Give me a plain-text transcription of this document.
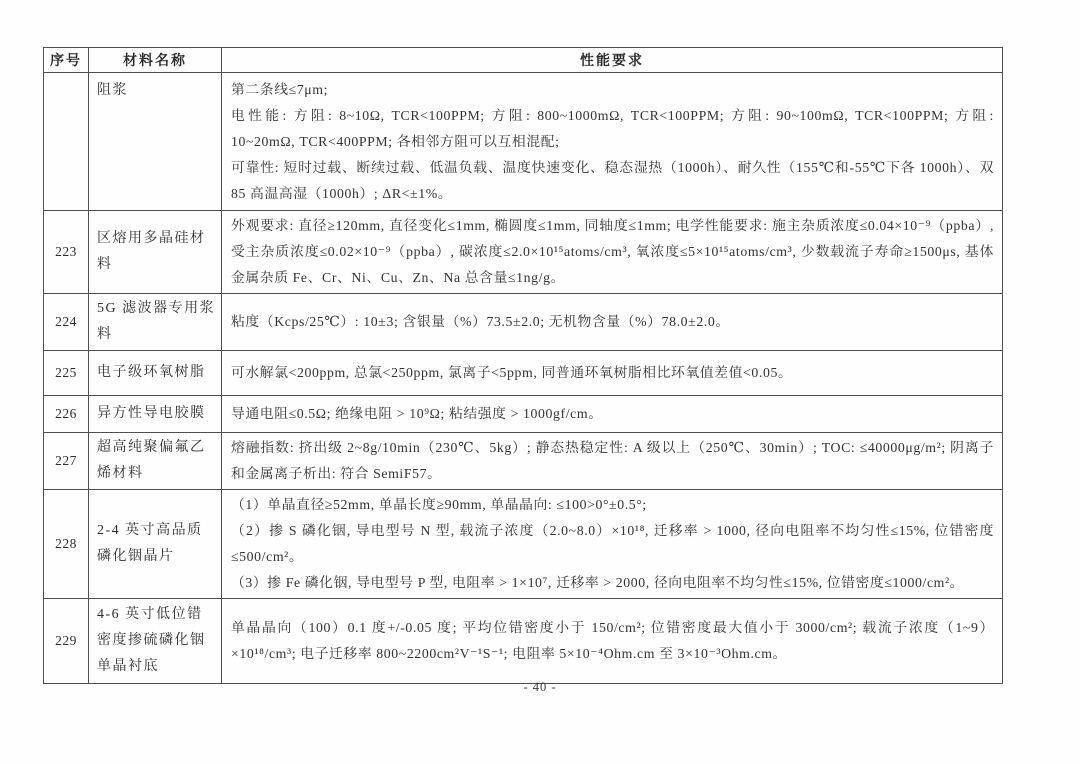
序号	材料名称	性能要求
	阻浆	第二条线≤7μm;

电性能: 方阻: 8~10Ω, TCR<100PPM; 方阻: 800~1000mΩ, TCR<100PPM; 方阻: 90~100mΩ, TCR<100PPM; 方阻: 10~20mΩ, TCR<400PPM; 各相邻方阻可以互相混配;

可靠性: 短时过载、断续过载、低温负载、温度快速变化、稳态湿热（1000h）、耐久性（155℃和-55℃下各 1000h）、双 85 高温高湿（1000h）; ΔR<±1%。

223	区熔用多晶硅材料	外观要求: 直径≥120mm, 直径变化≤1mm, 椭圆度≤1mm, 同轴度≤1mm; 电学性能要求: 施主杂质浓度≤0.04×10⁻⁹（ppba）, 受主杂质浓度≤0.02×10⁻⁹（ppba）, 碳浓度≤2.0×10¹⁵atoms/cm³, 氧浓度≤5×10¹⁵atoms/cm³, 少数载流子寿命≥1500μs, 基体金属杂质 Fe、Cr、Ni、Cu、Zn、Na 总含量≤1ng/g。

224	5G 滤波器专用浆料	粘度（Kcps/25℃）: 10±3; 含银量（%）73.5±2.0; 无机物含量（%）78.0±2.0。

225	电子级环氧树脂	可水解氯<200ppm, 总氯<250ppm, 氯离子<5ppm, 同普通环氧树脂相比环氧值差值<0.05。

226	异方性导电胶膜	导通电阻≤0.5Ω; 绝缘电阻 > 10⁹Ω; 粘结强度 > 1000gf/cm。

227	超高纯聚偏氟乙烯材料	熔融指数: 挤出级 2~8g/10min（230℃、5kg）; 静态热稳定性: A 级以上（250℃、30min）; TOC: ≤40000μg/m²; 阴离子和金属离子析出: 符合 SemiF57。

228	2-4 英寸高品质磷化铟晶片	（1）单晶直径≥52mm, 单晶长度≥90mm, 单晶晶向: ≤100>0°±0.5°;

（2）掺 S 磷化铟, 导电型号 N 型, 载流子浓度（2.0~8.0）×10¹⁸, 迁移率 > 1000, 径向电阻率不均匀性≤15%, 位错密度≤500/cm²。

（3）掺 Fe 磷化铟, 导电型号 P 型, 电阻率 > 1×10⁷, 迁移率 > 2000, 径向电阻率不均匀性≤15%, 位错密度≤1000/cm²。

229	4-6 英寸低位错密度掺硫磷化铟单晶衬底	单晶晶向（100）0.1 度+/-0.05 度; 平均位错密度小于 150/cm²; 位错密度最大值小于 3000/cm²; 载流子浓度（1~9）×10¹⁸/cm³; 电子迁移率 800~2200cm²V⁻¹S⁻¹; 电阻率 5×10⁻⁴Ohm.cm 至 3×10⁻³Ohm.cm。

- 40 -
